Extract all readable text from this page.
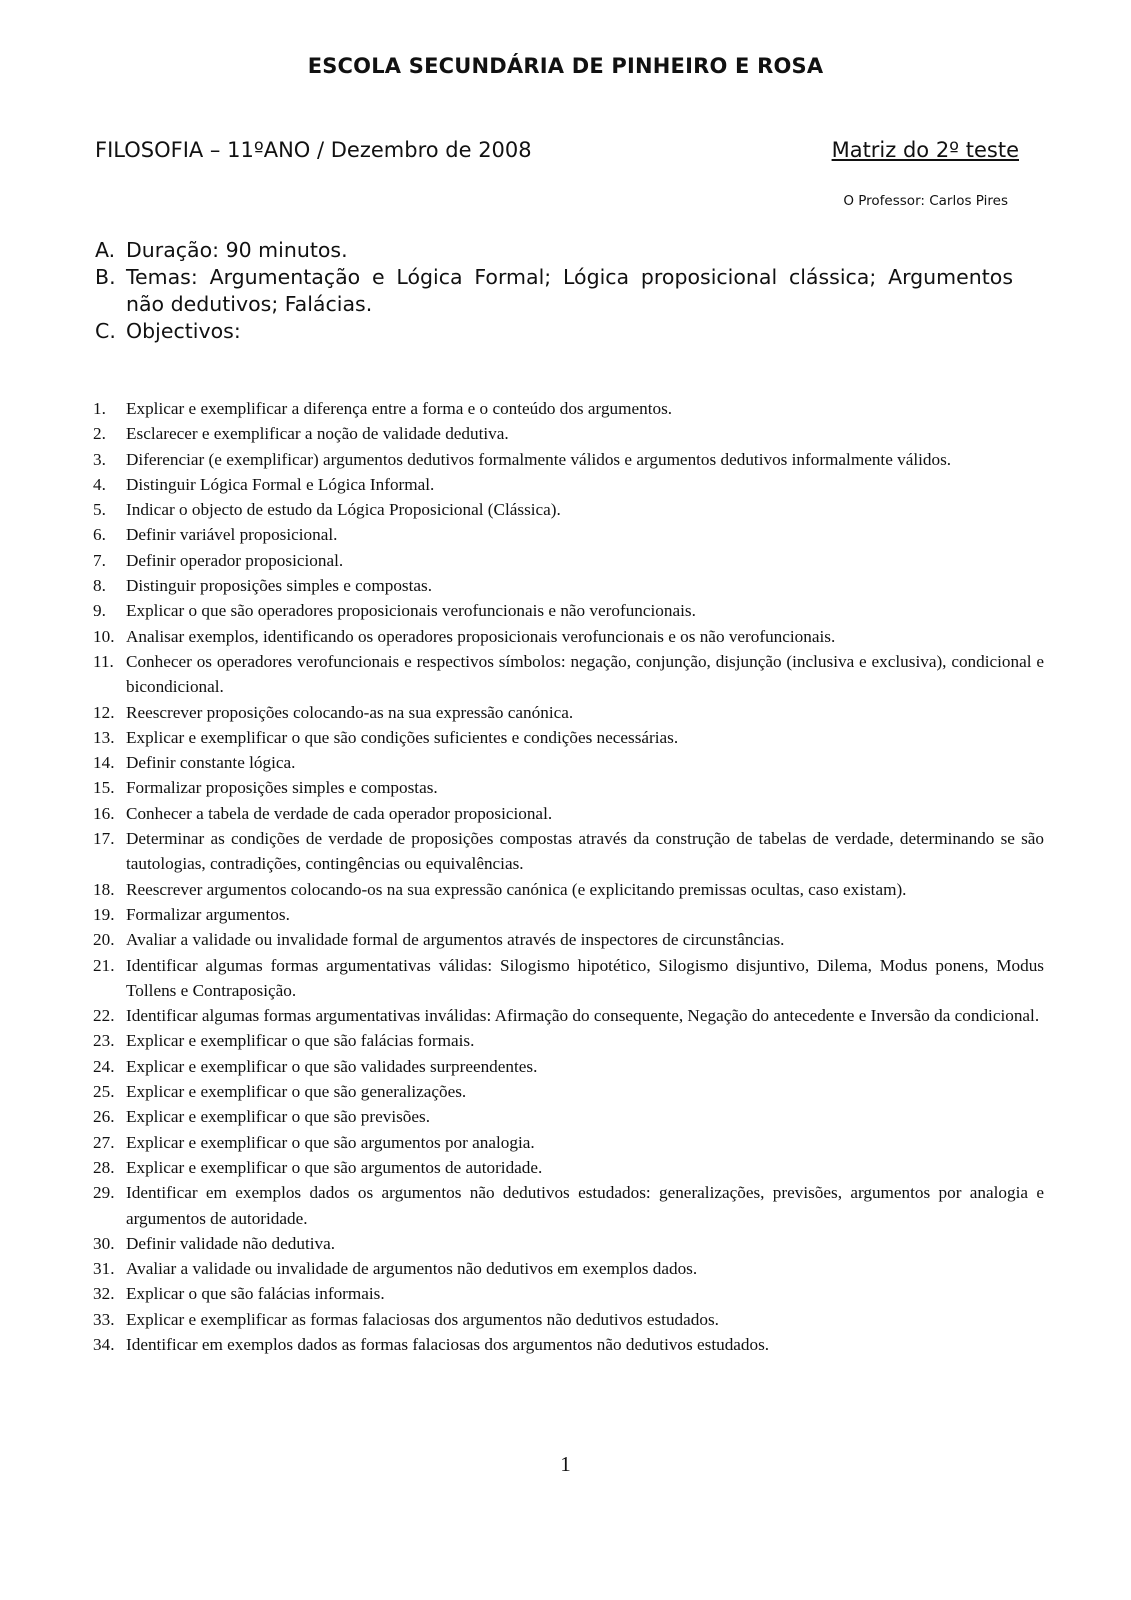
ESCOLA SECUNDÁRIA DE PINHEIRO E ROSA
FILOSOFIA – 11ºANO / Dezembro de 2008	Matriz do 2º teste
O Professor: Carlos Pires
A. Duração: 90 minutos.
B. Temas: Argumentação e Lógica Formal; Lógica proposicional clássica; Argumentos não dedutivos; Falácias.
C. Objectivos:
1.	Explicar e exemplificar a diferença entre a forma e o conteúdo dos argumentos.
2.	Esclarecer e exemplificar a noção de validade dedutiva.
3.	Diferenciar (e exemplificar) argumentos dedutivos formalmente válidos e argumentos dedutivos informalmente válidos.
4.	Distinguir Lógica Formal e Lógica Informal.
5.	Indicar o objecto de estudo da Lógica Proposicional (Clássica).
6.	Definir variável proposicional.
7.	Definir operador proposicional.
8.	Distinguir proposições simples e compostas.
9.	Explicar o que são operadores proposicionais verofuncionais e não verofuncionais.
10. Analisar exemplos, identificando os operadores proposicionais verofuncionais e os não verofuncionais.
11. Conhecer os operadores verofuncionais e respectivos símbolos: negação, conjunção, disjunção (inclusiva e exclusiva), condicional e bicondicional.
12. Reescrever proposições colocando-as na sua expressão canónica.
13. Explicar e exemplificar o que são condições suficientes e condições necessárias.
14. Definir constante lógica.
15. Formalizar proposições simples e compostas.
16. Conhecer a tabela de verdade de cada operador proposicional.
17. Determinar as condições de verdade de proposições compostas através da construção de tabelas de verdade, determinando se são tautologias, contradições, contingências ou equivalências.
18. Reescrever argumentos colocando-os na sua expressão canónica (e explicitando premissas ocultas, caso existam).
19. Formalizar argumentos.
20. Avaliar a validade ou invalidade formal de argumentos através de inspectores de circunstâncias.
21. Identificar algumas formas argumentativas válidas: Silogismo hipotético, Silogismo disjuntivo, Dilema, Modus ponens, Modus Tollens e Contraposição.
22. Identificar algumas formas argumentativas inválidas: Afirmação do consequente, Negação do antecedente e Inversão da condicional.
23. Explicar e exemplificar o que são falácias formais.
24. Explicar e exemplificar o que são validades surpreendentes.
25. Explicar e exemplificar o que são generalizações.
26. Explicar e exemplificar o que são previsões.
27. Explicar e exemplificar o que são argumentos por analogia.
28. Explicar e exemplificar o que são argumentos de autoridade.
29. Identificar em exemplos dados os argumentos não dedutivos estudados: generalizações, previsões, argumentos por analogia e argumentos de autoridade.
30. Definir validade não dedutiva.
31. Avaliar a validade ou invalidade de argumentos não dedutivos em exemplos dados.
32. Explicar o que são falácias informais.
33. Explicar e exemplificar as formas falaciosas dos argumentos não dedutivos estudados.
34. Identificar em exemplos dados as formas falaciosas dos argumentos não dedutivos estudados.
1
